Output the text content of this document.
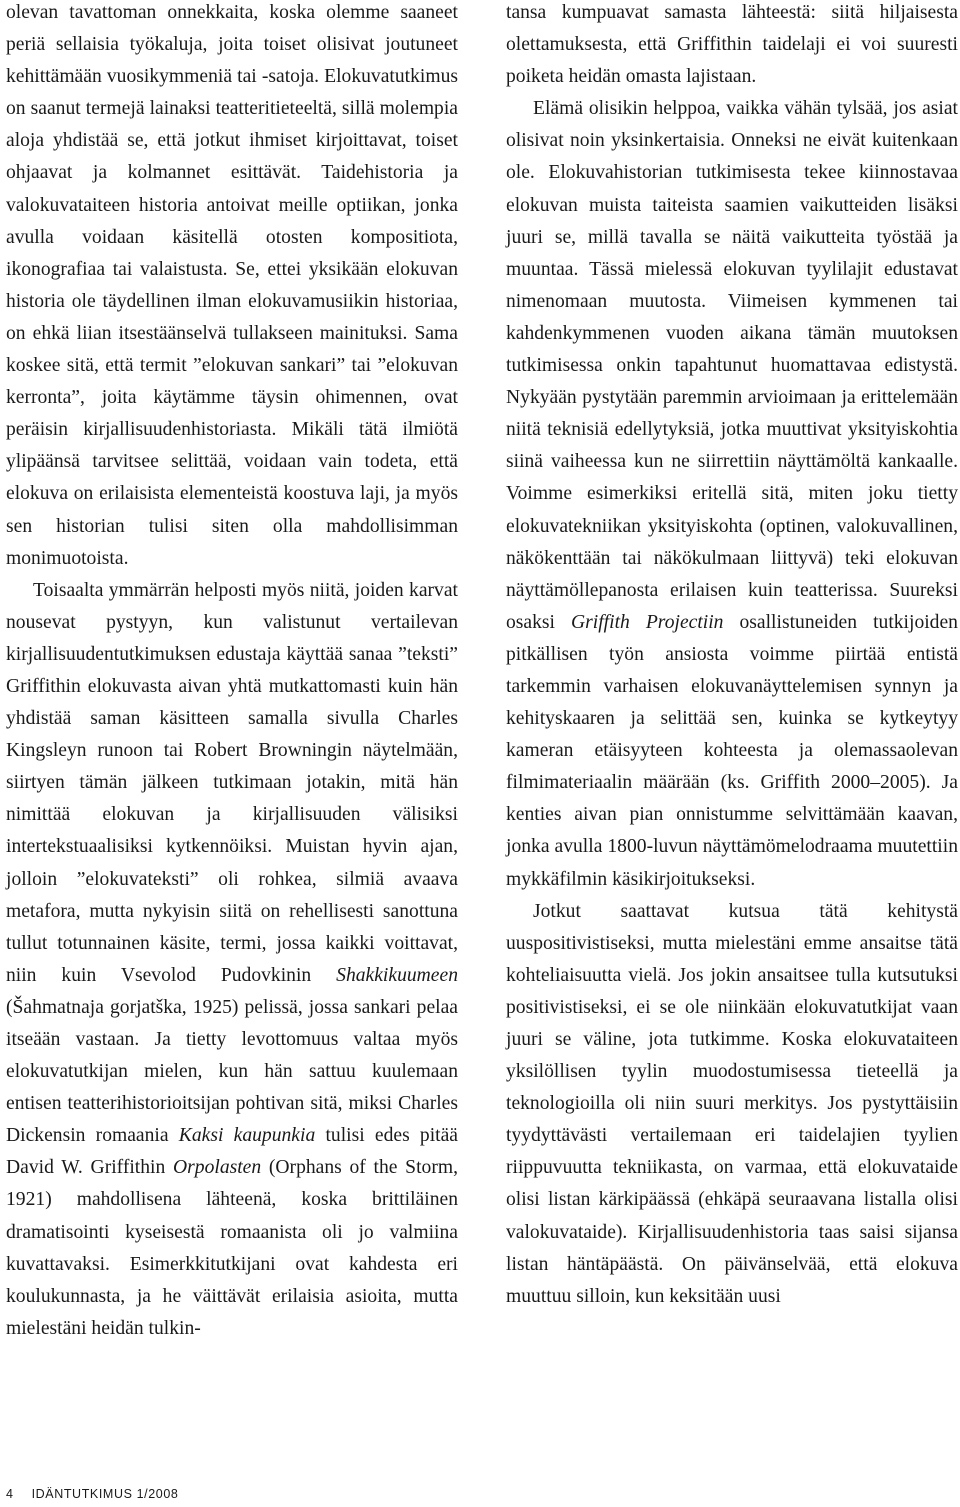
olevan tavattoman onnekkaita, koska olemme saaneet periä sellaisia työkaluja, joita toiset olisivat joutuneet kehittämään vuosikymmeniä tai -satoja. Elokuvatutkimus on saanut termejä lainaksi teatteritieteeltä, sillä molempia aloja yhdistää se, että jotkut ihmiset kirjoittavat, toiset ohjaavat ja kolmannet esittävät. Taidehistoria ja valokuvataiteen historia antoivat meille optiikan, jonka avulla voidaan käsitellä otosten kompositiota, ikonografiaa tai valaistusta. Se, ettei yksikään elokuvan historia ole täydellinen ilman elokuvamusiikin historiaa, on ehkä liian itsestäänselvä tullakseen mainituksi. Sama koskee sitä, että termit ”elokuvan sankari” tai ”elokuvan kerronta”, joita käytämme täysin ohimennen, ovat peräisin kirjallisuudenhistoriasta. Mikäli tätä ilmiötä ylipäänsä tarvitsee selittää, voidaan vain todeta, että elokuva on erilaisista elementeistä koostuva laji, ja myös sen historian tulisi siten olla mahdollisimman monimuotoista.

Toisaalta ymmärrän helposti myös niitä, joiden karvat nousevat pystyyn, kun valistunut vertailevan kirjallisuudentutkimuksen edustaja käyttää sanaa ”teksti” Griffithin elokuvasta aivan yhtä mutkattomasti kuin hän yhdistää saman käsitteen samalla sivulla Charles Kingsleyn runoon tai Robert Browningin näytelmään, siirtyen tämän jälkeen tutkimaan jotakin, mitä hän nimittää elokuvan ja kirjallisuuden välisiksi intertekstuaalisiksi kytkennöiksi. Muistan hyvin ajan, jolloin ”elokuvateksti” oli rohkea, silmiä avaava metafora, mutta nykyisin siitä on rehellisesti sanottuna tullut totunnainen käsite, termi, jossa kaikki voittavat, niin kuin Vsevolod Pudovkinin Shakkikuumeen (Šahmatnaja gorjatška, 1925) pelissä, jossa sankari pelaa itseään vastaan. Ja tietty levottomuus valtaa myös elokuvatutkijan mielen, kun hän sattuu kuulemaan entisen teatterihistorioitsijan pohtivan sitä, miksi Charles Dickensin romaania Kaksi kaupunkia tulisi edes pitää David W. Griffithin Orpolasten (Orphans of the Storm, 1921) mahdollisena lähteenä, koska brittiläinen dramatisointi kyseisestä romaanista oli jo valmiina kuvattavaksi. Esimerkkitutkijani ovat kahdesta eri koulukunnasta, ja he väittävät erilaisia asioita, mutta mielestäni heidän tulkin-

tansa kumpuavat samasta lähteestä: siitä hiljaisesta olettamuksesta, että Griffithin taidelaji ei voi suuresti poiketa heidän omasta lajistaan.

Elämä olisikin helppoa, vaikka vähän tylsää, jos asiat olisivat noin yksinkertaisia. Onneksi ne eivät kuitenkaan ole. Elokuvahistorian tutkimisesta tekee kiinnostavaa elokuvan muista taiteista saamien vaikutteiden lisäksi juuri se, millä tavalla se näitä vaikutteita työstää ja muuntaa. Tässä mielessä elokuvan tyylilajit edustavat nimenomaan muutosta. Viimeisen kymmenen tai kahdenkymmenen vuoden aikana tämän muutoksen tutkimisessa onkin tapahtunut huomattavaa edistystä. Nykyään pystytään paremmin arvioimaan ja erittelemään niitä teknisiä edellytyksiä, jotka muuttivat yksityiskohtia siinä vaiheessa kun ne siirrettiin näyttämöltä kankaalle. Voimme esimerkiksi eritellä sitä, miten joku tietty elokuvatekniikan yksityiskohta (optinen, valokuvallinen, näkökenttään tai näkökulmaan liittyvä) teki elokuvan näyttämöllepanosta erilaisen kuin teatterissa. Suureksi osaksi Griffith Projectiin osallistuneiden tutkijoiden pitkällisen työn ansiosta voimme piirtää entistä tarkemmin varhaisen elokuvanäyttelemisen synnyn ja kehityskaaren ja selittää sen, kuinka se kytkeytyy kameran etäisyyteen kohteesta ja olemassaolevan filmimateriaalin määrään (ks. Griffith 2000–2005). Ja kenties aivan pian onnistumme selvittämään kaavan, jonka avulla 1800-luvun näyttämömelodraama muutettiin mykkäfilmin käsikirjoitukseksi.

Jotkut saattavat kutsua tätä kehitystä uuspositivistiseksi, mutta mielestäni emme ansaitse tätä kohteliaisuutta vielä. Jos jokin ansaitsee tulla kutsutuksi positivistiseksi, ei se ole niinkään elokuvatutkijat vaan juuri se väline, jota tutkimme. Koska elokuvataiteen yksilöllisen tyylin muodostumisessa tieteellä ja teknologioilla oli niin suuri merkitys. Jos pystyttäisiin tyydyttävästi vertailemaan eri taidelajien tyylien riippuvuutta tekniikasta, on varmaa, että elokuvataide olisi listan kärkipäässä (ehkäpä seuraavana listalla olisi valokuvataide). Kirjallisuudenhistoria taas saisi sijansa listan häntäpäästä. On päivänselvää, että elokuva muuttuu silloin, kun keksitään uusi

4 IDÄNTUTKIMUS 1/2008
